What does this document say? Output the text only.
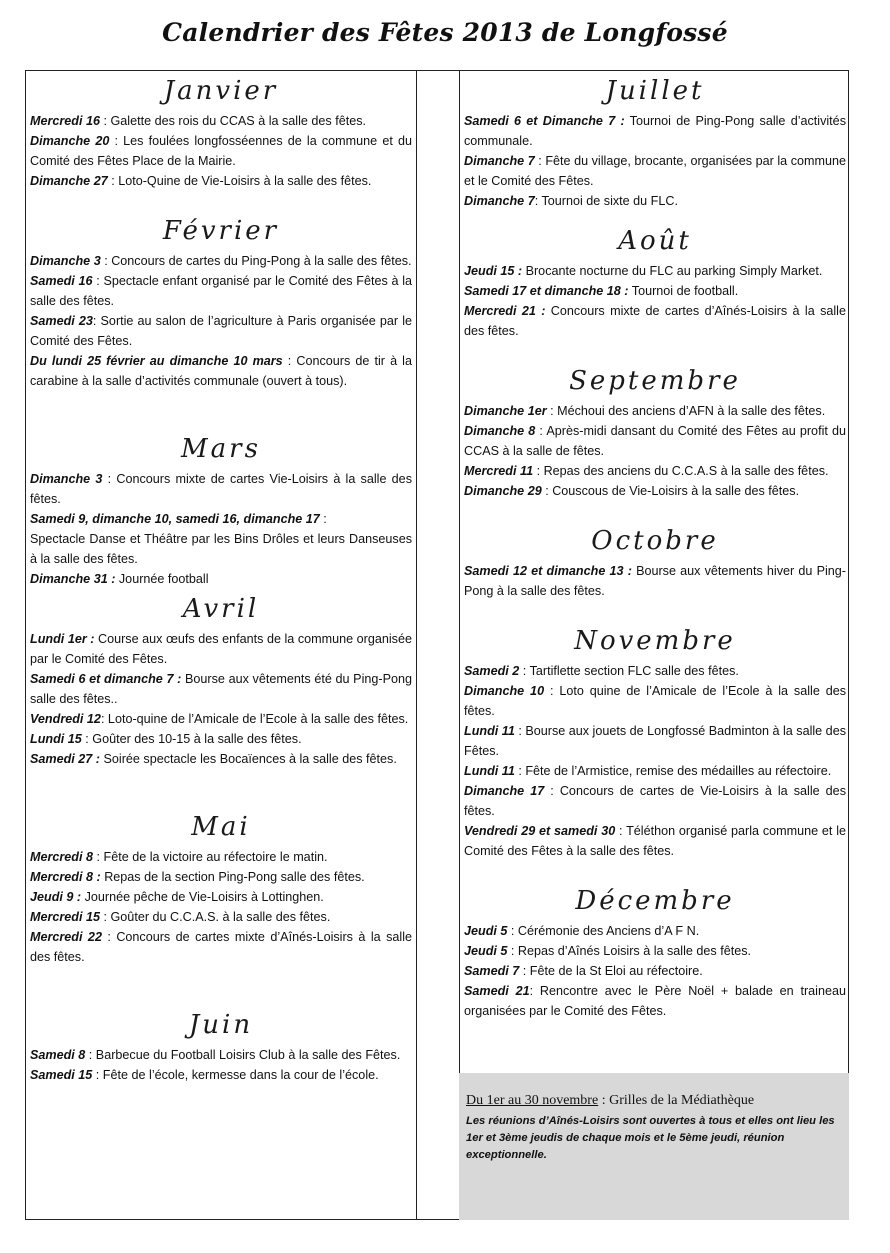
Calendrier des Fêtes 2013 de Longfossé
Janvier
Mercredi 16 : Galette des rois du CCAS à la salle des fêtes.
Dimanche 20 : Les foulées longfosséennes de la commune et du Comité des Fêtes Place de la Mairie.
Dimanche 27 : Loto-Quine de Vie-Loisirs à la salle des fêtes.
Février
Dimanche 3 : Concours de cartes du Ping-Pong à la salle des fêtes.
Samedi 16 : Spectacle enfant organisé par le Comité des Fêtes à la salle des fêtes.
Samedi 23: Sortie au salon de l’agriculture à Paris organisée par le Comité des Fêtes.
Du lundi 25 février au dimanche 10 mars : Concours de tir à la carabine à la salle d’activités communale (ouvert à tous).
Mars
Dimanche 3 : Concours mixte de cartes Vie-Loisirs à la salle des fêtes.
Samedi 9, dimanche 10, samedi 16, dimanche 17 :
Spectacle Danse et Théâtre par les Bins Drôles et leurs Danseuses à la salle des fêtes.
Dimanche 31 : Journée football
Avril
Lundi 1er : Course aux œufs des enfants de la commune organisée par le Comité des Fêtes.
Samedi 6 et dimanche 7 : Bourse aux vêtements été du Ping-Pong salle des fêtes..
Vendredi 12: Loto-quine de l’Amicale de l’Ecole à la salle des fêtes.
Lundi 15 : Goûter des 10-15 à la salle des fêtes.
Samedi 27 : Soirée spectacle les Bocaïences à la salle des fêtes.
Mai
Mercredi 8 : Fête de la victoire au réfectoire le matin.
Mercredi 8 : Repas de la section Ping-Pong salle des fêtes.
Jeudi 9 : Journée pêche de Vie-Loisirs à Lottinghen.
Mercredi 15 : Goûter du C.C.A.S. à la salle des fêtes.
Mercredi 22 : Concours de cartes mixte d’Aînés-Loisirs à la salle des fêtes.
Juin
Samedi 8 : Barbecue du Football Loisirs Club à la salle des Fêtes.
Samedi 15 : Fête de l’école, kermesse dans la cour de l’école.
Juillet
Samedi 6 et Dimanche 7 : Tournoi de Ping-Pong salle d’activités communale.
Dimanche 7 : Fête du village, brocante, organisées par la commune et le Comité des Fêtes.
Dimanche 7: Tournoi de sixte du FLC.
Août
Jeudi 15 : Brocante nocturne du FLC au parking Simply Market.
Samedi 17 et dimanche 18 : Tournoi de football.
Mercredi 21 : Concours mixte de cartes d’Aînés-Loisirs à la salle des fêtes.
Septembre
Dimanche 1er : Méchoui des anciens d’AFN à la salle des fêtes.
Dimanche 8 : Après-midi dansant du Comité des Fêtes au profit du CCAS à la salle de fêtes.
Mercredi 11 : Repas des anciens du C.C.A.S à la salle des fêtes.
Dimanche 29 : Couscous de Vie-Loisirs à la salle des fêtes.
Octobre
Samedi 12 et dimanche 13 : Bourse aux vêtements hiver du Ping-Pong à la salle des fêtes.
Novembre
Samedi 2 : Tartiflette section FLC salle des fêtes.
Dimanche 10 : Loto quine de l’Amicale de l’Ecole à la salle des fêtes.
Lundi 11 : Bourse aux jouets de Longfossé Badminton à la salle des Fêtes.
Lundi 11 : Fête de l’Armistice, remise des médailles au réfectoire.
Dimanche 17 : Concours de cartes de Vie-Loisirs à la salle des fêtes.
Vendredi 29 et samedi 30 : Téléthon organisé parla commune et le Comité des Fêtes à la salle des fêtes.
Décembre
Jeudi 5 : Cérémonie des Anciens d’A F N.
Jeudi 5 : Repas d’Aînés Loisirs à la salle des fêtes.
Samedi 7 : Fête de la St Eloi au réfectoire.
Samedi 21: Rencontre avec le Père Noël + balade en traineau organisées par le Comité des Fêtes.
Du 1er au 30 novembre : Grilles de la Médiathèque
Les réunions d’Aînés-Loisirs sont ouvertes à tous et elles ont lieu les 1er et 3ème jeudis de chaque mois et le 5ème jeudi, réunion exceptionnelle.
